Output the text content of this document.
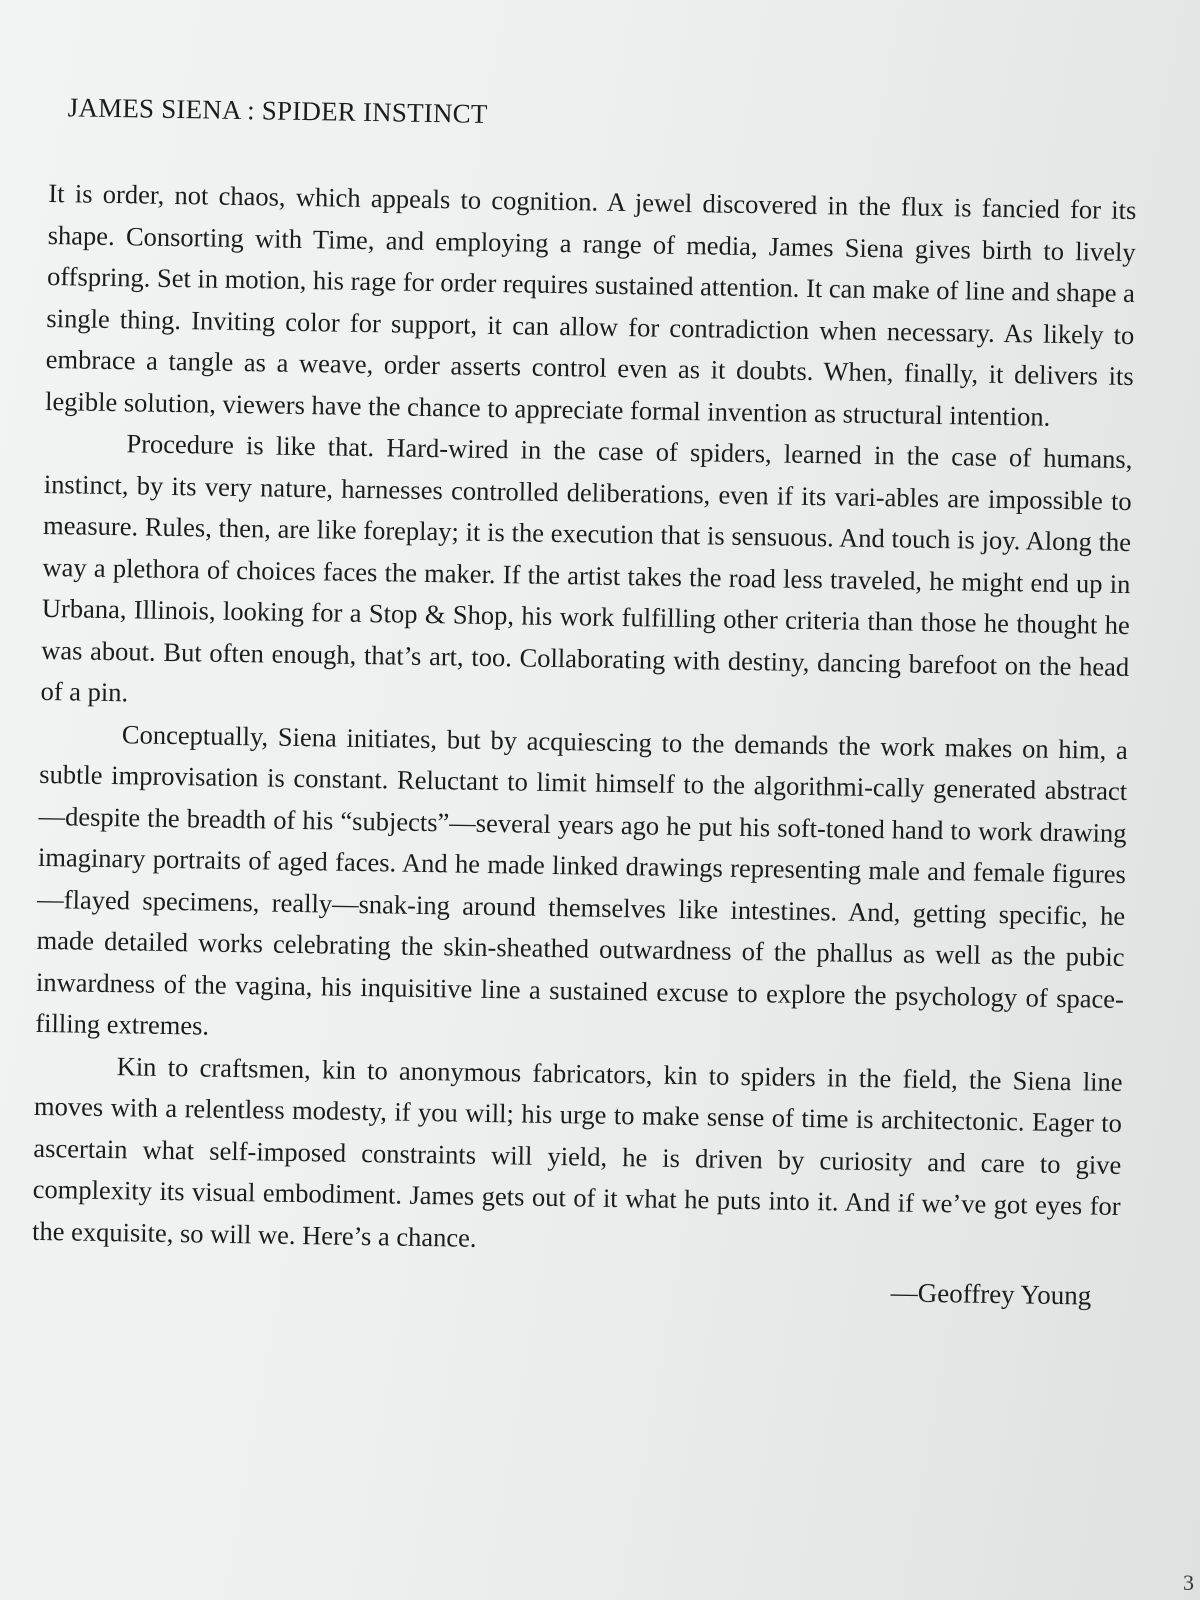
JAMES SIENA : SPIDER INSTINCT

It is order, not chaos, which appeals to cognition. A jewel discovered in the flux is fancied for its shape. Consorting with Time, and employing a range of media, James Siena gives birth to lively offspring. Set in motion, his rage for order requires sustained attention. It can make of line and shape a single thing. Inviting color for support, it can allow for contradiction when necessary. As likely to embrace a tangle as a weave, order asserts control even as it doubts. When, finally, it delivers its legible solution, viewers have the chance to appreciate formal invention as structural intention.

Procedure is like that. Hard-wired in the case of spiders, learned in the case of humans, instinct, by its very nature, harnesses controlled deliberations, even if its vari-ables are impossible to measure. Rules, then, are like foreplay; it is the execution that is sensuous. And touch is joy. Along the way a plethora of choices faces the maker. If the artist takes the road less traveled, he might end up in Urbana, Illinois, looking for a Stop & Shop, his work fulfilling other criteria than those he thought he was about. But often enough, that’s art, too. Collaborating with destiny, dancing barefoot on the head of a pin.

Conceptually, Siena initiates, but by acquiescing to the demands the work makes on him, a subtle improvisation is constant. Reluctant to limit himself to the algorithmi-cally generated abstract—despite the breadth of his “subjects”—several years ago he put his soft-toned hand to work drawing imaginary portraits of aged faces. And he made linked drawings representing male and female figures—flayed specimens, really—snak-ing around themselves like intestines. And, getting specific, he made detailed works celebrating the skin-sheathed outwardness of the phallus as well as the pubic inwardness of the vagina, his inquisitive line a sustained excuse to explore the psychology of space-filling extremes.

Kin to craftsmen, kin to anonymous fabricators, kin to spiders in the field, the Siena line moves with a relentless modesty, if you will; his urge to make sense of time is architectonic. Eager to ascertain what self-imposed constraints will yield, he is driven by curiosity and care to give complexity its visual embodiment. James gets out of it what he puts into it. And if we’ve got eyes for the exquisite, so will we. Here’s a chance.

—Geoffrey Young
3
